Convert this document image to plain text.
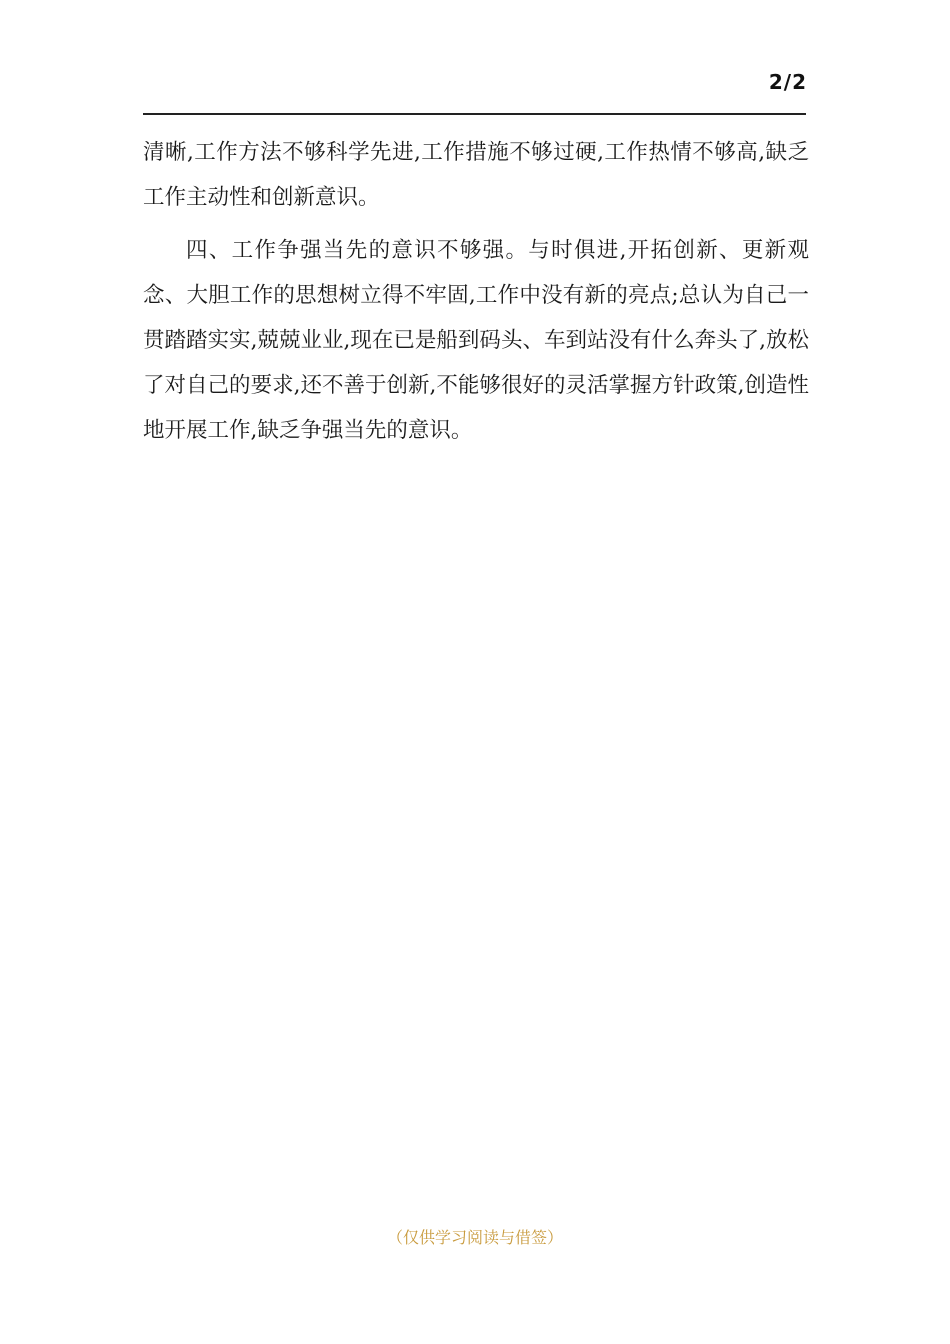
2/2

清晰,工作方法不够科学先进,工作措施不够过硬,工作热情不够高,缺乏工作主动性和创新意识。

四、工作争强当先的意识不够强。与时俱进,开拓创新、更新观念、大胆工作的思想树立得不牢固,工作中没有新的亮点;总认为自己一贯踏踏实实,兢兢业业,现在已是船到码头、车到站没有什么奔头了,放松了对自己的要求,还不善于创新,不能够很好的灵活掌握方针政策,创造性地开展工作,缺乏争强当先的意识。

（仅供学习阅读与借签）
